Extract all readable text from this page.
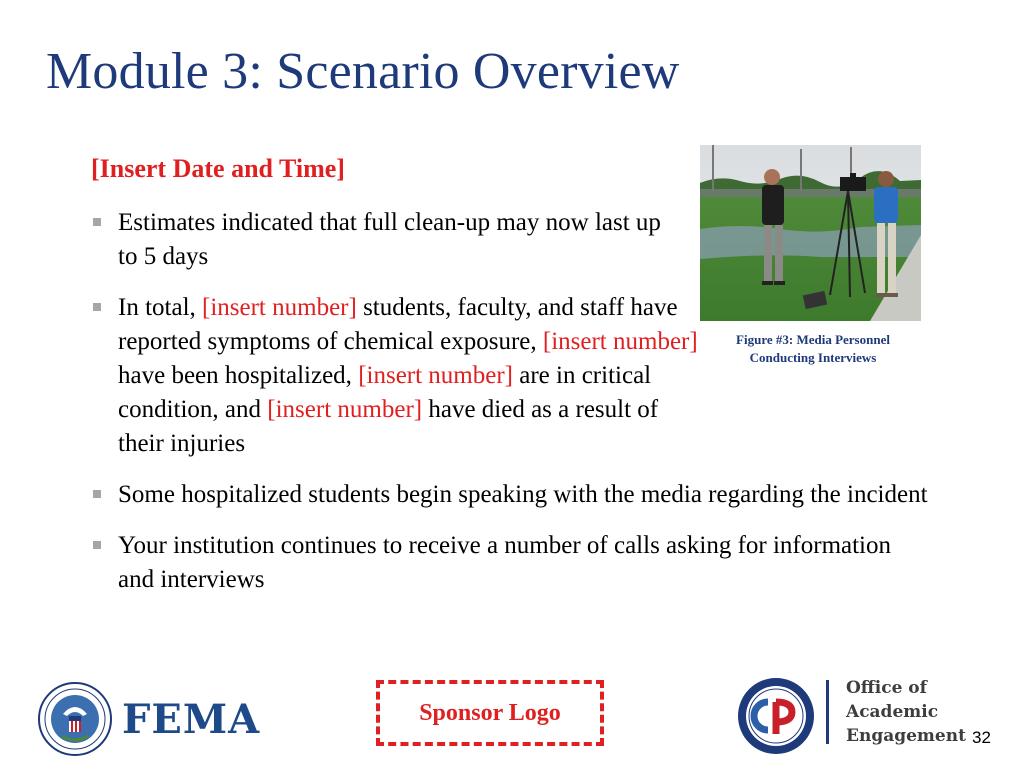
Module 3: Scenario Overview
[Insert Date and Time]
Estimates indicated that full clean-up may now last up to 5 days
In total, [insert number] students, faculty, and staff have reported symptoms of chemical exposure, [insert number] have been hospitalized, [insert number] are in critical condition, and [insert number] have died as a result of their injuries
Some hospitalized students begin speaking with the media regarding the incident
Your institution continues to receive a number of calls asking for information and interviews
Figure #3: Media Personnel
Conducting Interviews
FEMA	Sponsor Logo
Office of
Academic
Engagement 32
